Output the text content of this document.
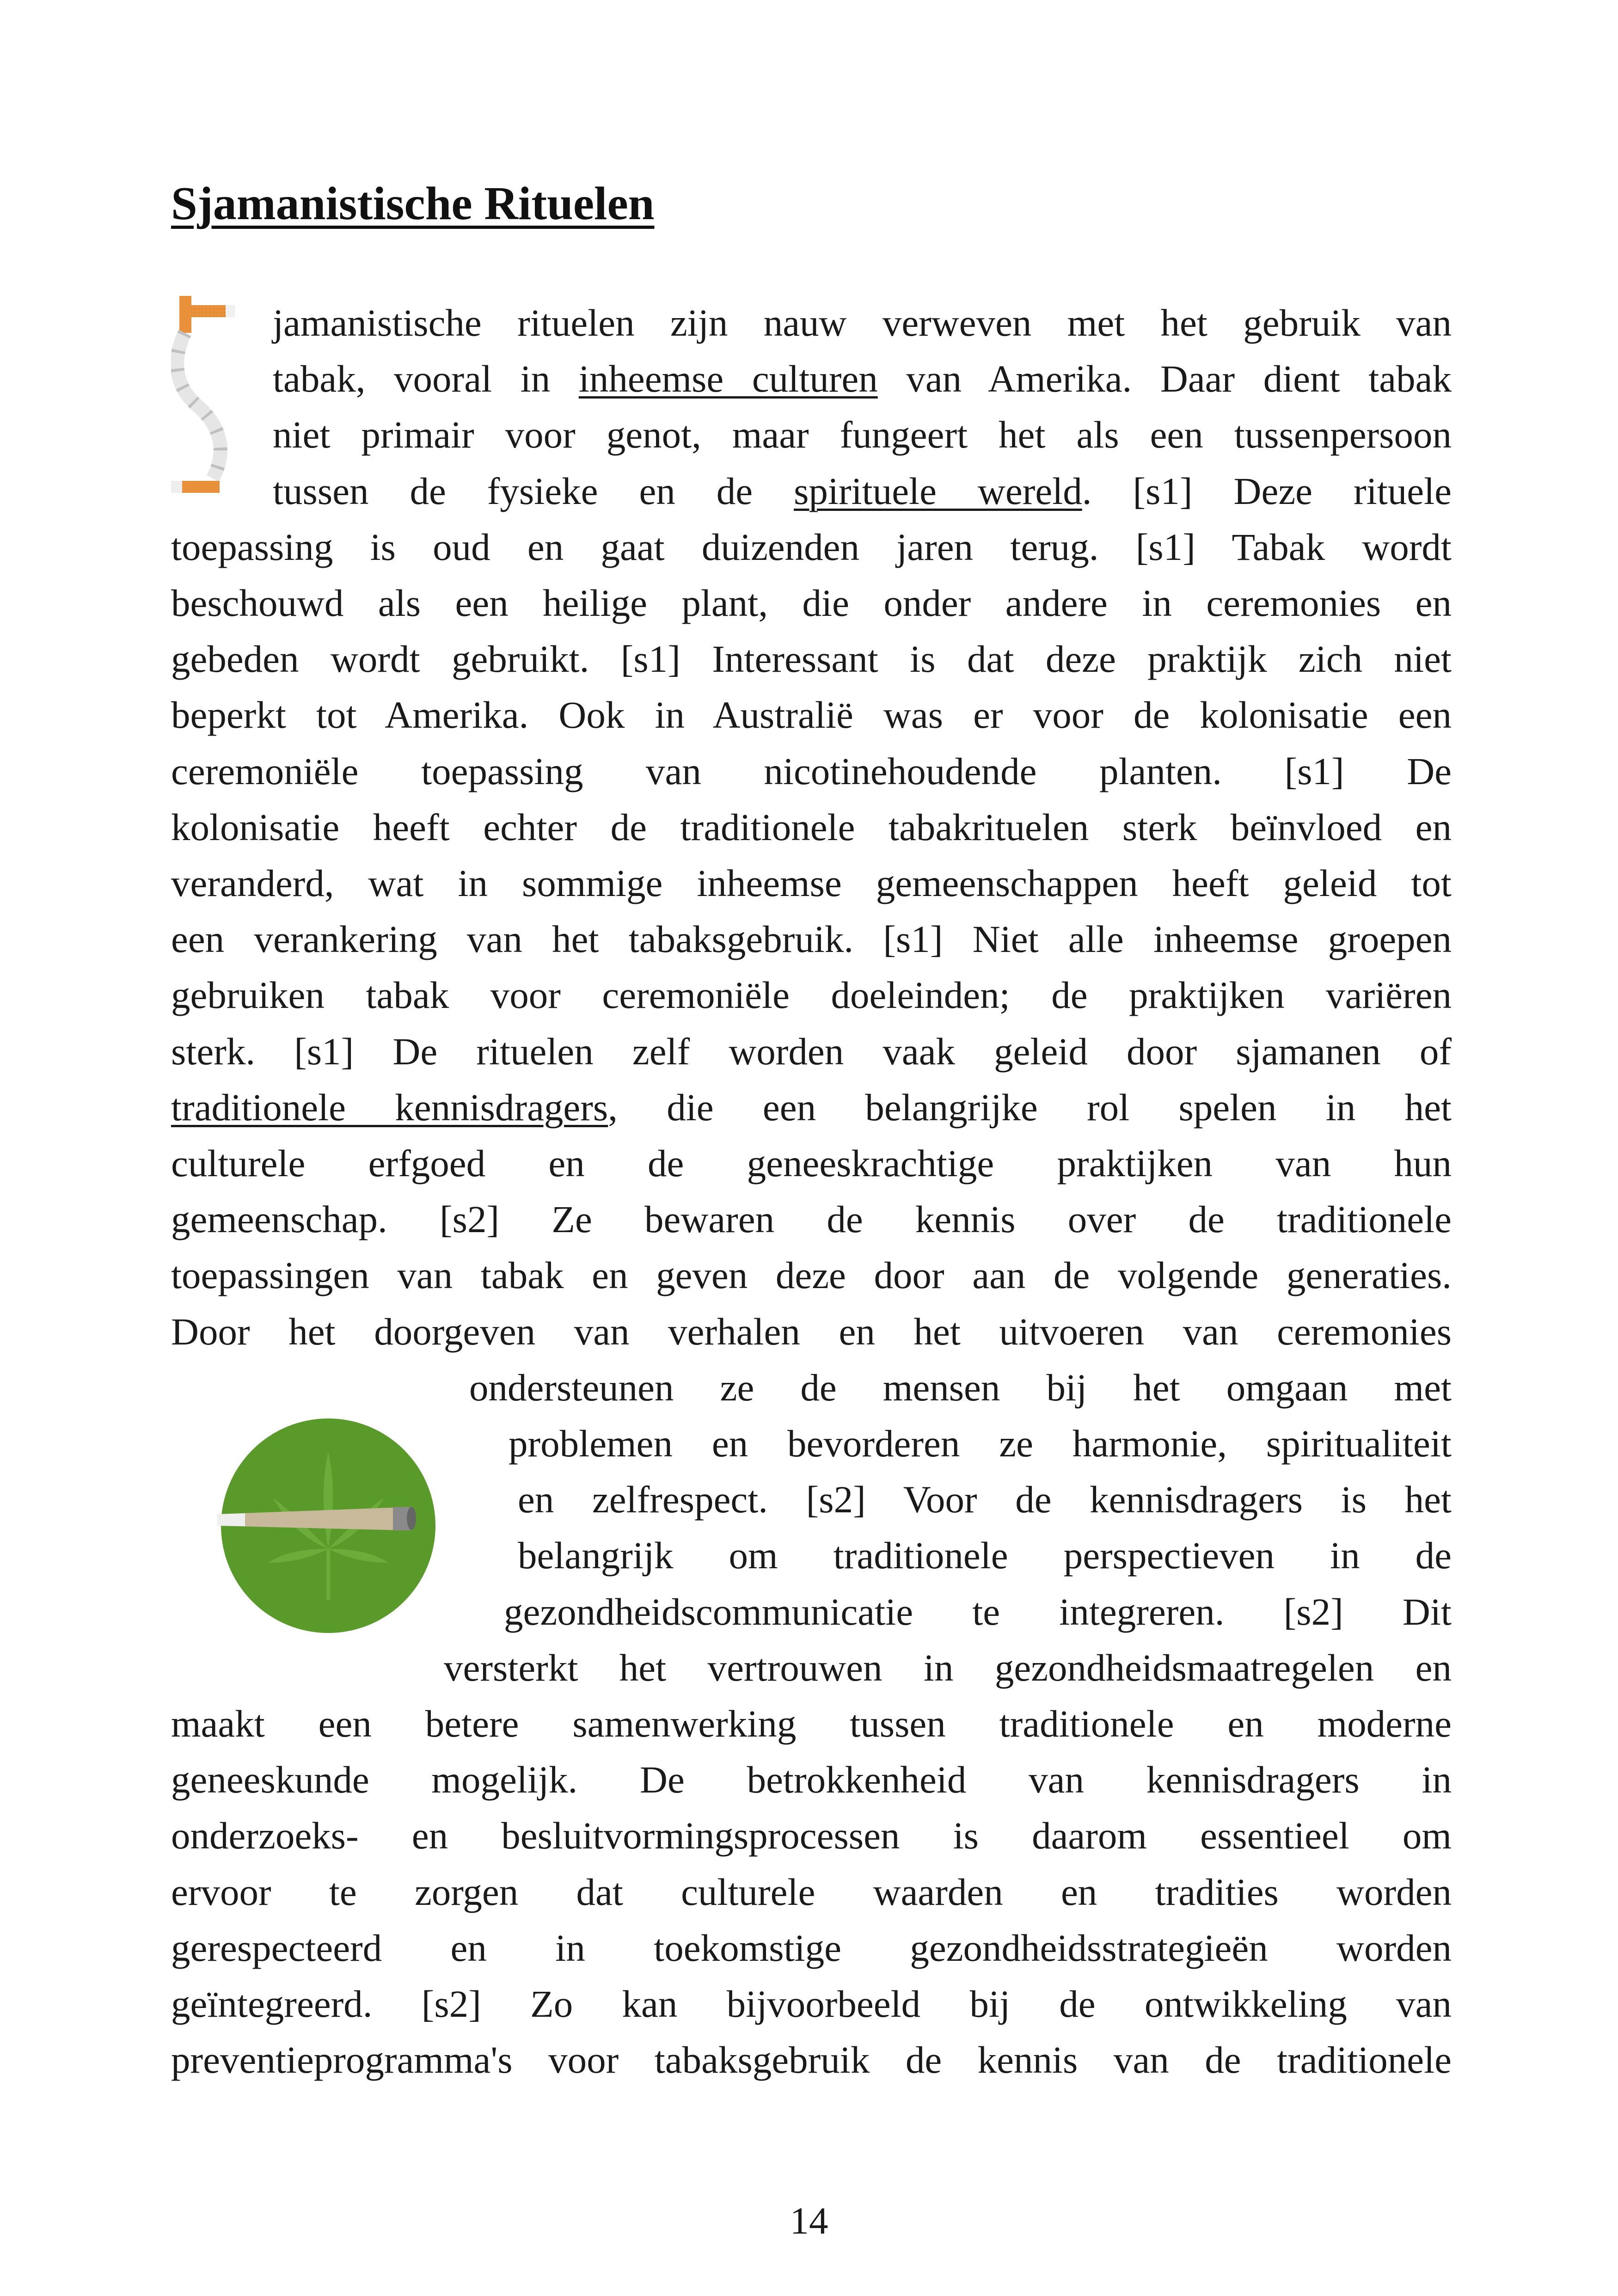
Sjamanistische Rituelen
jamanistische rituelen zijn nauw verweven met het gebruik van
tabak, vooral in inheemse culturen van Amerika. Daar dient tabak
niet primair voor genot, maar fungeert het als een tussenpersoon
tussen de fysieke en de spirituele wereld. [s1] Deze rituele
toepassing is oud en gaat duizenden jaren terug. [s1] Tabak wordt
beschouwd als een heilige plant, die onder andere in ceremonies en
gebeden wordt gebruikt. [s1] Interessant is dat deze praktijk zich niet
beperkt tot Amerika. Ook in Australië was er voor de kolonisatie een
ceremoniële toepassing van nicotinehoudende planten. [s1] De
kolonisatie heeft echter de traditionele tabakrituelen sterk beïnvloed en
veranderd, wat in sommige inheemse gemeenschappen heeft geleid tot
een verankering van het tabaksgebruik. [s1] Niet alle inheemse groepen
gebruiken tabak voor ceremoniële doeleinden; de praktijken variëren
sterk. [s1] De rituelen zelf worden vaak geleid door sjamanen of
traditionele kennisdragers, die een belangrijke rol spelen in het
culturele erfgoed en de geneeskrachtige praktijken van hun
gemeenschap. [s2] Ze bewaren de kennis over de traditionele
toepassingen van tabak en geven deze door aan de volgende generaties.
Door het doorgeven van verhalen en het uitvoeren van ceremonies
ondersteunen ze de mensen bij het omgaan met
problemen en bevorderen ze harmonie, spiritualiteit
en zelfrespect. [s2] Voor de kennisdragers is het
belangrijk om traditionele perspectieven in de
gezondheidscommunicatie te integreren. [s2] Dit
versterkt het vertrouwen in gezondheidsmaatregelen en
maakt een betere samenwerking tussen traditionele en moderne
geneeskunde mogelijk. De betrokkenheid van kennisdragers in
onderzoeks- en besluitvormingsprocessen is daarom essentieel om
ervoor te zorgen dat culturele waarden en tradities worden
gerespecteerd en in toekomstige gezondheidsstrategieën worden
geïntegreerd. [s2] Zo kan bijvoorbeeld bij de ontwikkeling van
preventieprogramma's voor tabaksgebruik de kennis van de traditionele
14
